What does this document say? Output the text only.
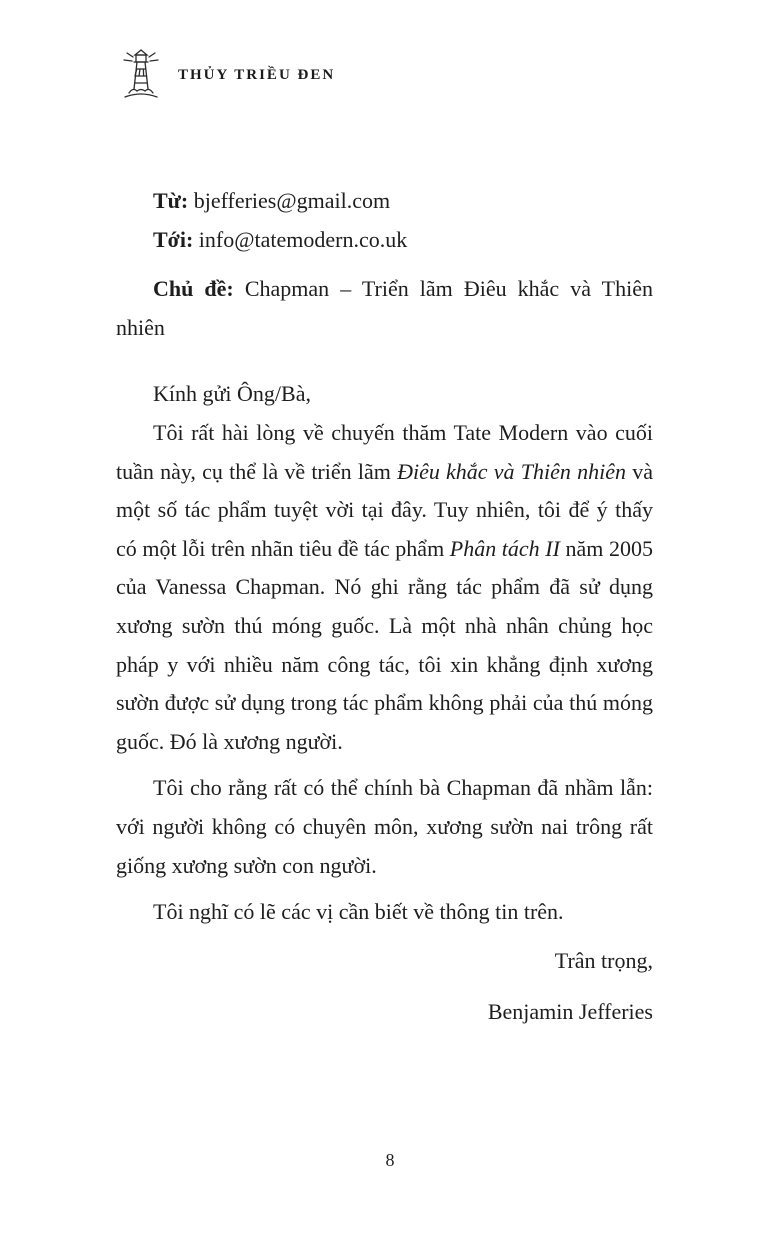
THỦY TRIỀU ĐEN
Từ: bjefferies@gmail.com
Tới: info@tatemodern.co.uk
Chủ đề: Chapman – Triển lãm Điêu khắc và Thiên nhiên
Kính gửi Ông/Bà,

Tôi rất hài lòng về chuyến thăm Tate Modern vào cuối tuần này, cụ thể là về triển lãm Điêu khắc và Thiên nhiên và một số tác phẩm tuyệt vời tại đây. Tuy nhiên, tôi để ý thấy có một lỗi trên nhãn tiêu đề tác phẩm Phân tách II năm 2005 của Vanessa Chapman. Nó ghi rằng tác phẩm đã sử dụng xương sườn thú móng guốc. Là một nhà nhân chủng học pháp y với nhiều năm công tác, tôi xin khẳng định xương sườn được sử dụng trong tác phẩm không phải của thú móng guốc. Đó là xương người.

Tôi cho rằng rất có thể chính bà Chapman đã nhầm lẫn: với người không có chuyên môn, xương sườn nai trông rất giống xương sườn con người.

Tôi nghĩ có lẽ các vị cần biết về thông tin trên.

Trân trọng,
Benjamin Jefferies
8
